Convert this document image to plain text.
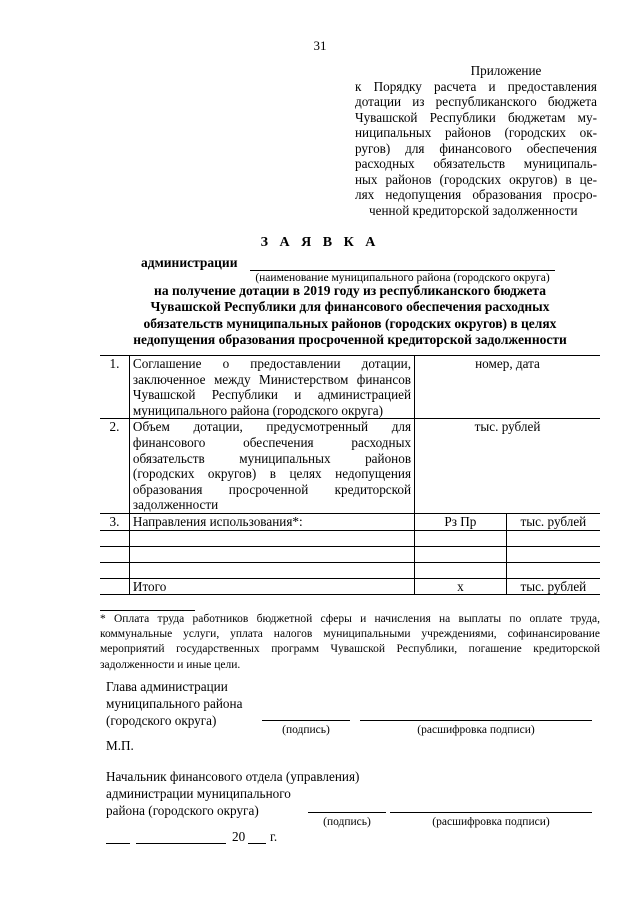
31
Приложение
к Порядку расчета и предоставления
дотации из республиканского бюджета
Чувашской Республики бюджетам му-
ниципальных районов (городских ок-
ругов) для финансового обеспечения
расходных обязательств муниципаль-
ных районов (городских округов) в це-
лях недопущения образования просро-
ченной кредиторской задолженности
З А Я В К А
администрации
(наименование муниципального района (городского округа)
на получение дотации в 2019 году из республиканского бюджета
Чувашской Республики для финансового обеспечения расходных
обязательств муниципальных районов (городских округов) в целях
недопущения образования просроченной кредиторской задолженности
1.	Соглашение о предоставлении дотации, заключенное между Министерством финансов Чувашской Республики и администрацией муниципального района (городского округа)	номер, дата	
2.	Объем дотации, предусмотренный для финансового обеспечения расходных обязательств муниципальных районов (городских округов) в целях недопущения образования просроченной кредиторской задолженности	тыс. рублей	
3.	Направления использования*:	Рз Пр	тыс. рублей

	Итого	х	тыс. рублей
* Оплата труда работников бюджетной сферы и начисления на выплаты по оплате труда, коммунальные услуги, уплата налогов муниципальными учреждениями, софинансирование мероприятий государственных программ Чувашской Республики, погашение кредиторской задолженности и иные цели.
Глава администрации
муниципального района
(городского округа)
(подпись)	(расшифровка подписи)
М.П.
Начальник финансового отдела (управления)
администрации муниципального
района (городского округа)
(подпись)	(расшифровка подписи)
20 г.
